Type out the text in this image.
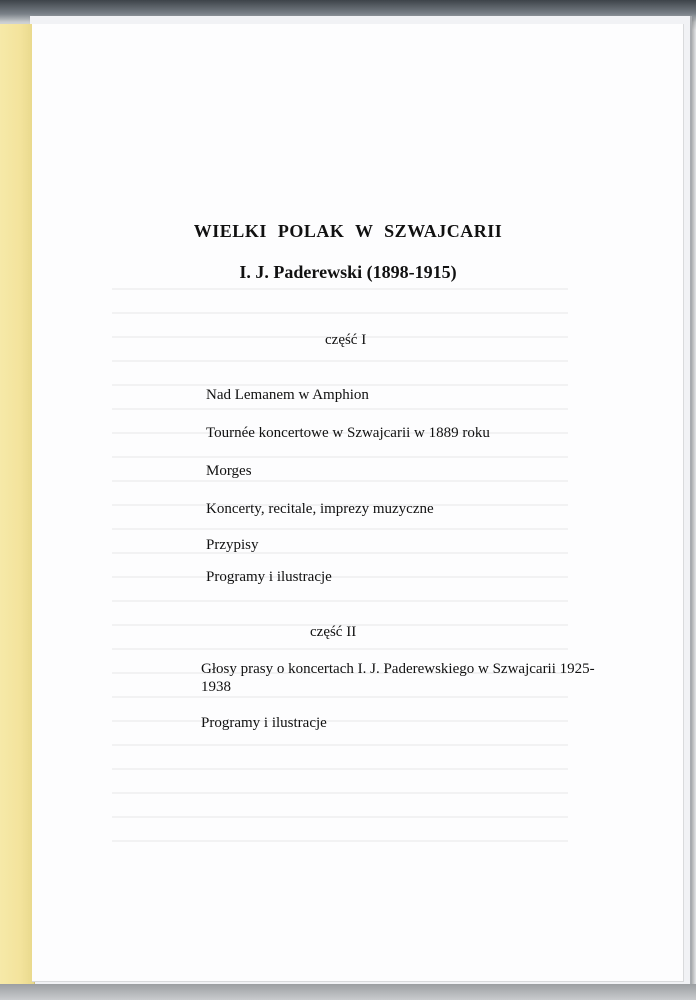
WIELKI POLAK W SZWAJCARII
I. J. Paderewski (1898-1915)
część I
Nad Lemanem w Amphion
Tournée koncertowe w Szwajcarii w 1889 roku
Morges
Koncerty, recitale, imprezy muzyczne
Przypisy
Programy i ilustracje
część II
Głosy prasy o koncertach I. J. Paderewskiego w Szwajcarii 1925-1938
Programy i ilustracje
